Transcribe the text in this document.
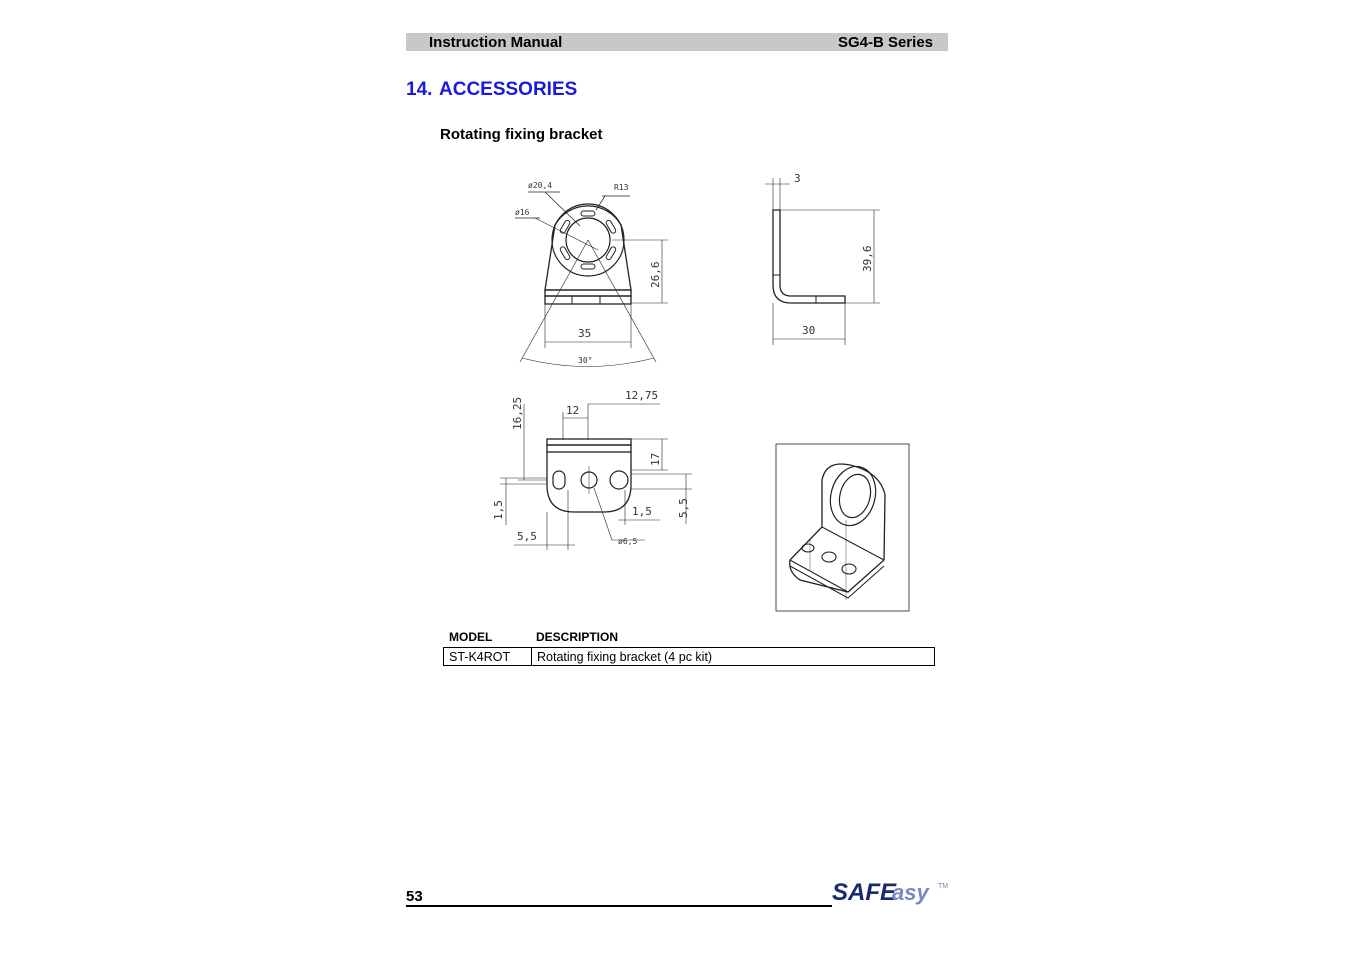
Instruction Manual	SG4-B Series
14. ACCESSORIES
Rotating fixing bracket
ø20,4
ø16
R13
26,6
35
30°
3
39,6
30
16,25	12
12,75
17
1,5	1,5
5,5
5,5
ø6,5
MODEL	DESCRIPTION
ST-K4ROT	Rotating fixing bracket (4 pc kit)
53	SAFE
asy TM
